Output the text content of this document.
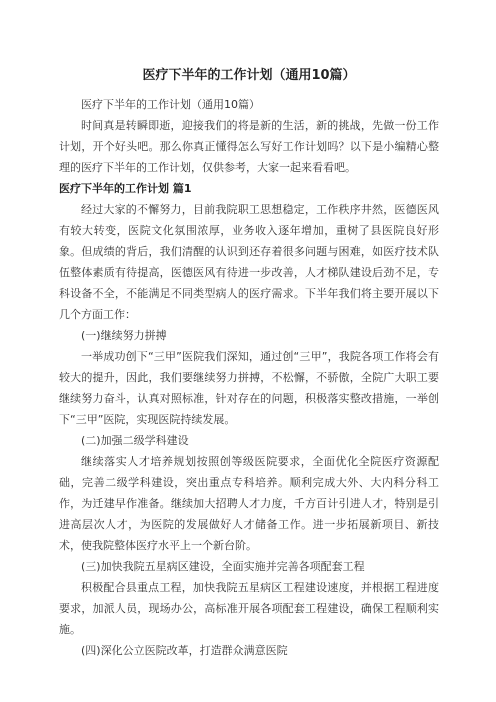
医疗下半年的工作计划（通用10篇）

医疗下半年的工作计划（通用10篇）

时间真是转瞬即逝，迎接我们的将是新的生活，新的挑战，先做一份工作计划，开个好头吧。那么你真正懂得怎么写好工作计划吗？以下是小编精心整理的医疗下半年的工作计划，仅供参考，大家一起来看看吧。

医疗下半年的工作计划 篇1

经过大家的不懈努力，目前我院职工思想稳定，工作秩序井然，医德医风有较大转变，医院文化氛围浓厚，业务收入逐年增加，重树了县医院良好形象。但成绩的背后，我们清醒的认识到还存着很多问题与困难，如医疗技术队伍整体素质有待提高，医德医风有待进一步改善，人才梯队建设后劲不足，专科设备不全，不能满足不同类型病人的医疗需求。下半年我们将主要开展以下几个方面工作：

(一)继续努力拼搏

一举成功创下“三甲”医院我们深知，通过创“三甲”，我院各项工作将会有较大的提升，因此，我们要继续努力拼搏，不松懈，不骄傲，全院广大职工要继续努力奋斗，认真对照标准，针对存在的问题，积极落实整改措施，一举创下“三甲”医院，实现医院持续发展。

(二)加强二级学科建设

继续落实人才培养规划按照创等级医院要求，全面优化全院医疗资源配础，完善二级学科建设，突出重点专科培养。顺利完成大外、大内科分科工作，为迁建早作准备。继续加大招聘人才力度，千方百计引进人才，特别是引进高层次人才，为医院的发展做好人才储备工作。进一步拓展新项目、新技术，使我院整体医疗水平上一个新台阶。

(三)加快我院五星病区建设，全面实施并完善各项配套工程

积极配合县重点工程，加快我院五星病区工程建设速度，并根据工程进度要求，加派人员，现场办公，高标准开展各项配套工程建设，确保工程顺利实施。

(四)深化公立医院改革，打造群众满意医院
